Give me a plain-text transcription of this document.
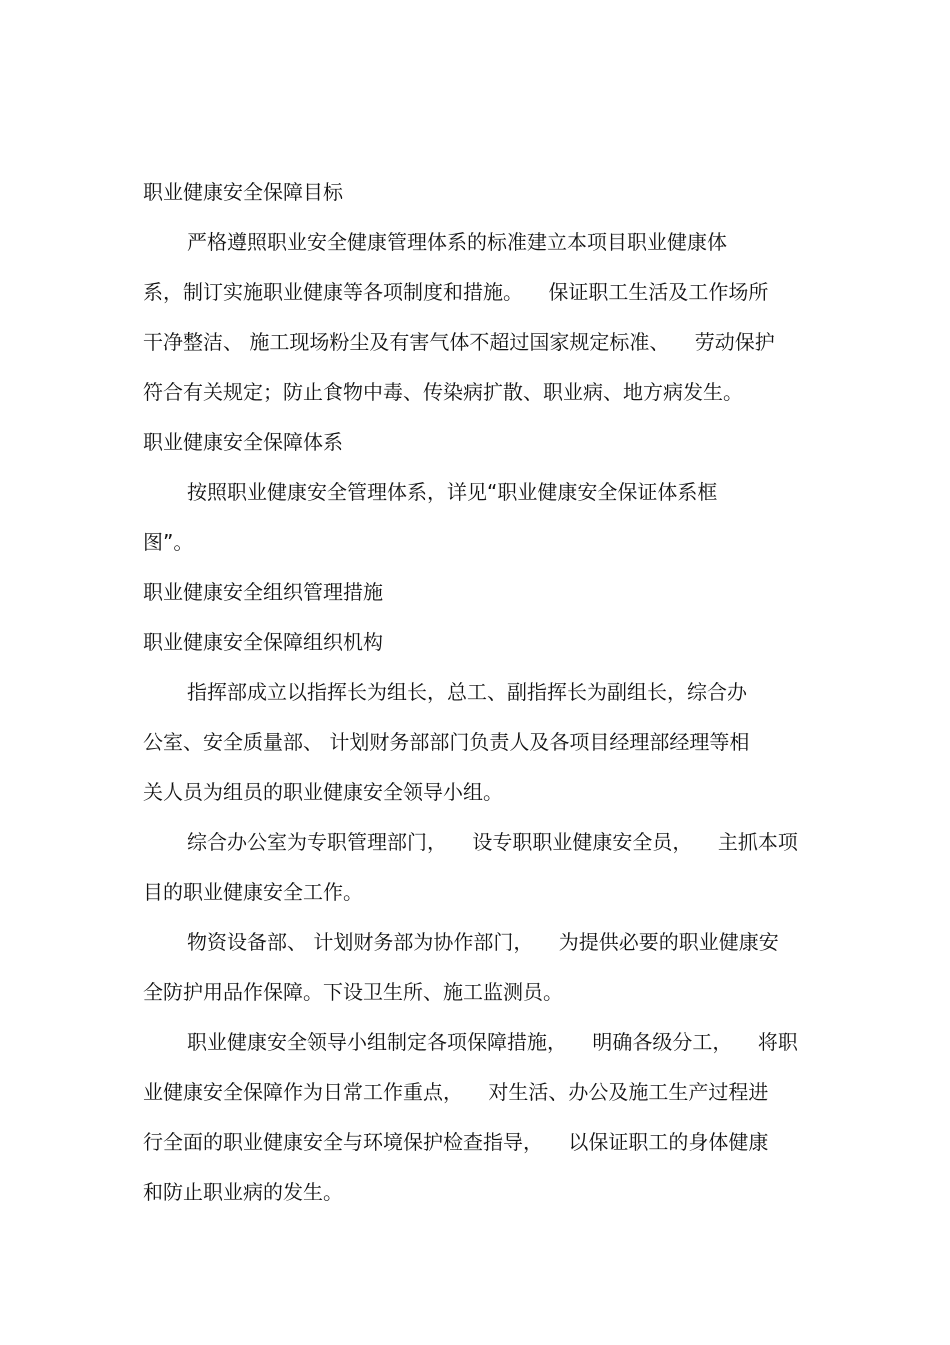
职业健康安全保障目标
严格遵照职业安全健康管理体系的标准建立本项目职业健康体
系，制订实施职业健康等各项制度和措施。    保证职工生活及工作场所
干净整洁、 施工现场粉尘及有害气体不超过国家规定标准、    劳动保护
符合有关规定；防止食物中毒、传染病扩散、职业病、地方病发生。
职业健康安全保障体系
按照职业健康安全管理体系，详见“职业健康安全保证体系框
图”。
职业健康安全组织管理措施
职业健康安全保障组织机构
指挥部成立以指挥长为组长，总工、副指挥长为副组长，综合办
公室、安全质量部、 计划财务部部门负责人及各项目经理部经理等相
关人员为组员的职业健康安全领导小组。
综合办公室为专职管理部门，    设专职职业健康安全员，    主抓本项
目的职业健康安全工作。
物资设备部、 计划财务部为协作部门，    为提供必要的职业健康安
全防护用品作保障。下设卫生所、施工监测员。
职业健康安全领导小组制定各项保障措施，    明确各级分工，    将职
业健康安全保障作为日常工作重点，    对生活、办公及施工生产过程进
行全面的职业健康安全与环境保护检查指导，    以保证职工的身体健康
和防止职业病的发生。
